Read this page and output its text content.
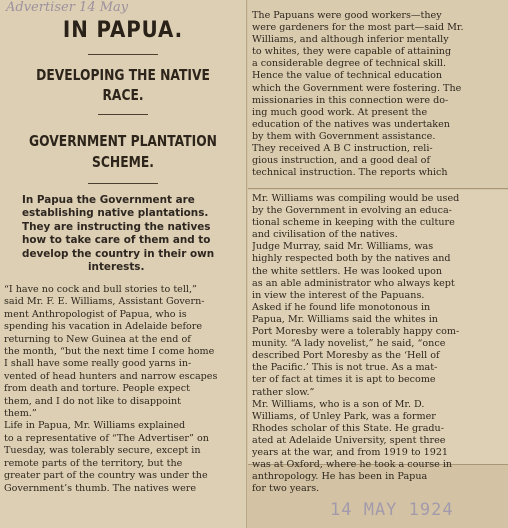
Advertiser 14 May
IN PAPUA.
DEVELOPING THE NATIVE
RACE.
GOVERNMENT PLANTATION
SCHEME.
In Papua the Government are
establishing native plantations.
They are instructing the natives
how to take care of them and to
develop the country in their own
interests.
“I have no cock and bull stories to tell,”
said Mr. F. E. Williams, Assistant Govern-
ment Anthropologist of Papua, who is
spending his vacation in Adelaide before
returning to New Guinea at the end of
the month, “but the next time I come home
I shall have some really good yarns in-
vented of head hunters and narrow escapes
from death and torture. People expect
them, and I do not like to disappoint
them.”
Life in Papua, Mr. Williams explained
to a representative of “The Advertiser” on
Tuesday, was tolerably secure, except in
remote parts of the territory, but the
greater part of the country was under the
Government’s thumb. The natives were
The Papuans were good workers—they
were gardeners for the most part—said Mr.
Williams, and although inferior mentally
to whites, they were capable of attaining
a considerable degree of technical skill.
Hence the value of technical education
which the Government were fostering. The
missionaries in this connection were do-
ing much good work. At present the
education of the natives was undertaken
by them with Government assistance.
They received A B C instruction, reli-
gious instruction, and a good deal of
technical instruction. The reports which
Mr. Williams was compiling would be used
by the Government in evolving an educa-
tional scheme in keeping with the culture
and civilisation of the natives.
Judge Murray, said Mr. Williams, was
highly respected both by the natives and
the white settlers. He was looked upon
as an able administrator who always kept
in view the interest of the Papuans.
Asked if he found life monotonous in
Papua, Mr. Williams said the whites in
Port Moresby were a tolerably happy com-
munity. “A lady novelist,” he said, “once
described Port Moresby as the ‘Hell of
the Pacific.’ This is not true. As a mat-
ter of fact at times it is apt to become
rather slow.”
Mr. Williams, who is a son of Mr. D.
Williams, of Unley Park, was a former
Rhodes scholar of this State. He gradu-
ated at Adelaide University, spent three
years at the war, and from 1919 to 1921
was at Oxford, where he took a course in
anthropology. He has been in Papua
for two years.
14 MAY 1924
